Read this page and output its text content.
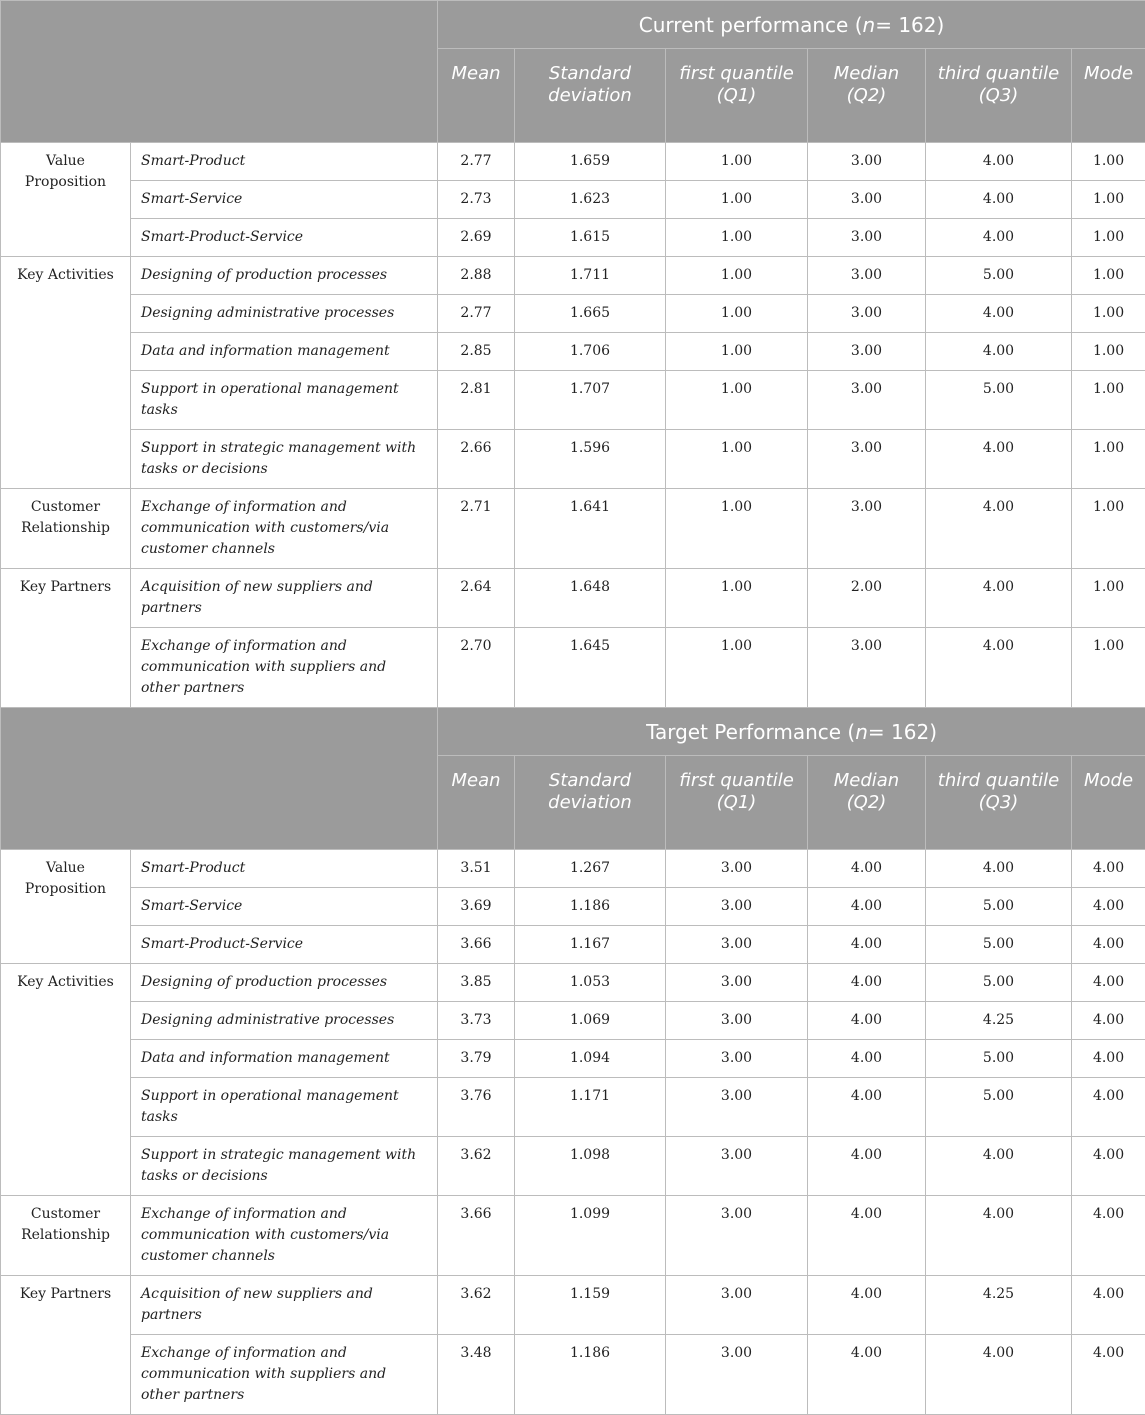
		Current performance (n= 162)					
		Mean	Standard deviation	first quantile (Q1)	Median (Q2)	third quantile (Q3)	Mode
Value Proposition	Smart-Product	2.77	1.659	1.00	3.00	4.00	1.00
	Smart-Service	2.73	1.623	1.00	3.00	4.00	1.00
	Smart-Product-Service	2.69	1.615	1.00	3.00	4.00	1.00
Key Activities	Designing of production processes	2.88	1.711	1.00	3.00	5.00	1.00
	Designing administrative processes	2.77	1.665	1.00	3.00	4.00	1.00
	Data and information management	2.85	1.706	1.00	3.00	4.00	1.00
	Support in operational management tasks	2.81	1.707	1.00	3.00	5.00	1.00
	Support in strategic management with tasks or decisions	2.66	1.596	1.00	3.00	4.00	1.00
Customer Relationship	Exchange of information and communication with customers/via customer channels	2.71	1.641	1.00	3.00	4.00	1.00
Key Partners	Acquisition of new suppliers and partners	2.64	1.648	1.00	2.00	4.00	1.00
	Exchange of information and communication with suppliers and other partners	2.70	1.645	1.00	3.00	4.00	1.00
		Target Performance (n= 162)					
		Mean	Standard deviation	first quantile (Q1)	Median (Q2)	third quantile (Q3)	Mode
Value Proposition	Smart-Product	3.51	1.267	3.00	4.00	4.00	4.00
	Smart-Service	3.69	1.186	3.00	4.00	5.00	4.00
	Smart-Product-Service	3.66	1.167	3.00	4.00	5.00	4.00
Key Activities	Designing of production processes	3.85	1.053	3.00	4.00	5.00	4.00
	Designing administrative processes	3.73	1.069	3.00	4.00	4.25	4.00
	Data and information management	3.79	1.094	3.00	4.00	5.00	4.00
	Support in operational management tasks	3.76	1.171	3.00	4.00	5.00	4.00
	Support in strategic management with tasks or decisions	3.62	1.098	3.00	4.00	4.00	4.00
Customer Relationship	Exchange of information and communication with customers/via customer channels	3.66	1.099	3.00	4.00	4.00	4.00
Key Partners	Acquisition of new suppliers and partners	3.62	1.159	3.00	4.00	4.25	4.00
	Exchange of information and communication with suppliers and other partners	3.48	1.186	3.00	4.00	4.00	4.00
